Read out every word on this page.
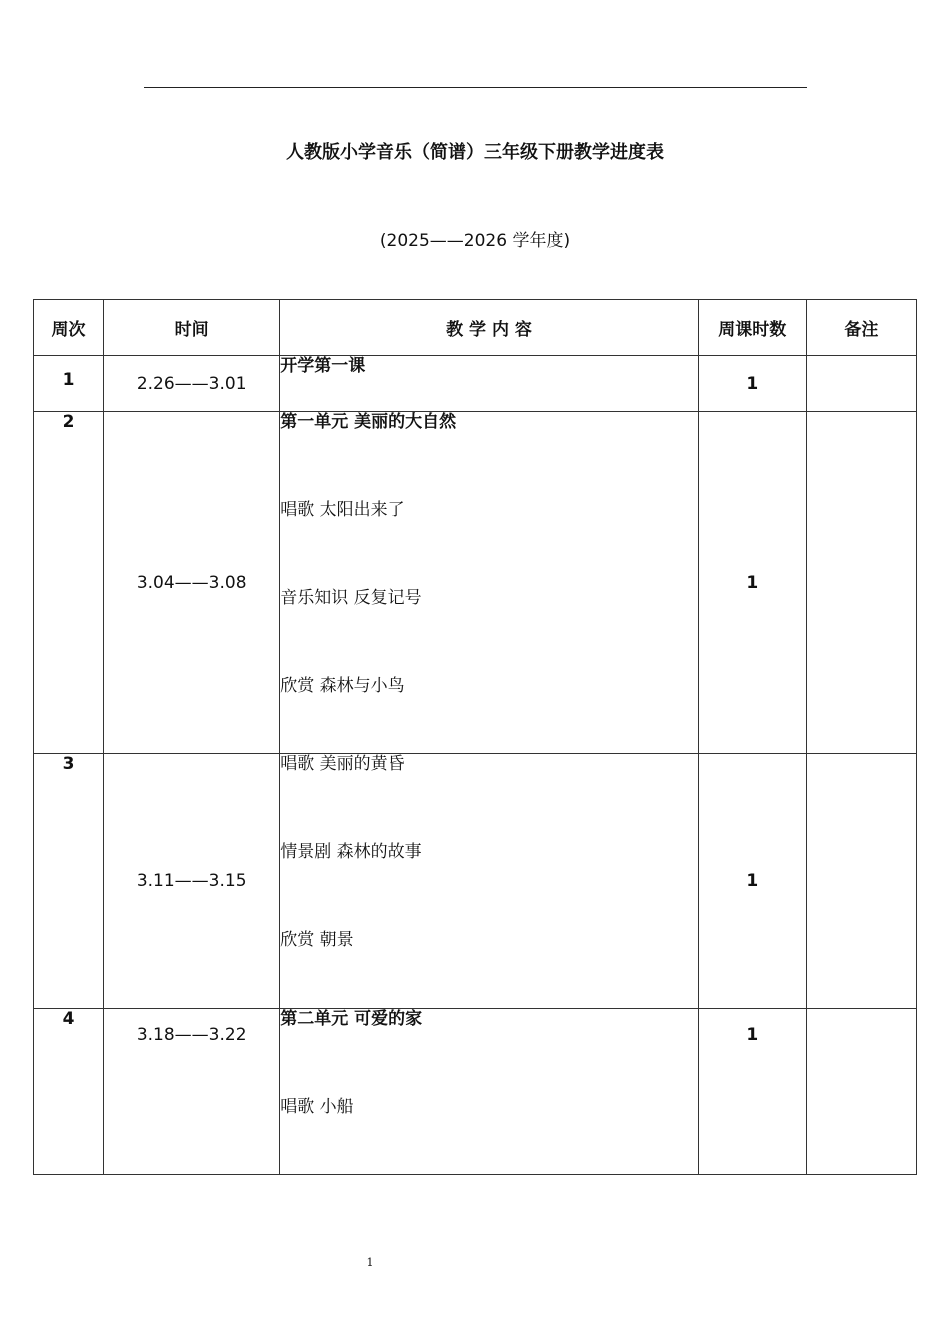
人教版小学音乐（简谱）三年级下册教学进度表
(2025——2026 学年度)
周次	时间	教 学 内 容	周课时数	备注
1	2.26——3.01	开学第一课	1	
2	3.04——3.08	第一单元 美丽的大自然
唱歌 太阳出来了
音乐知识 反复记号
欣赏 森林与小鸟	1	
3	3.11——3.15	唱歌 美丽的黄昏
情景剧 森林的故事
欣赏 朝景	1	
4	3.18——3.22	第二单元 可爱的家
唱歌 小船	1	
1
